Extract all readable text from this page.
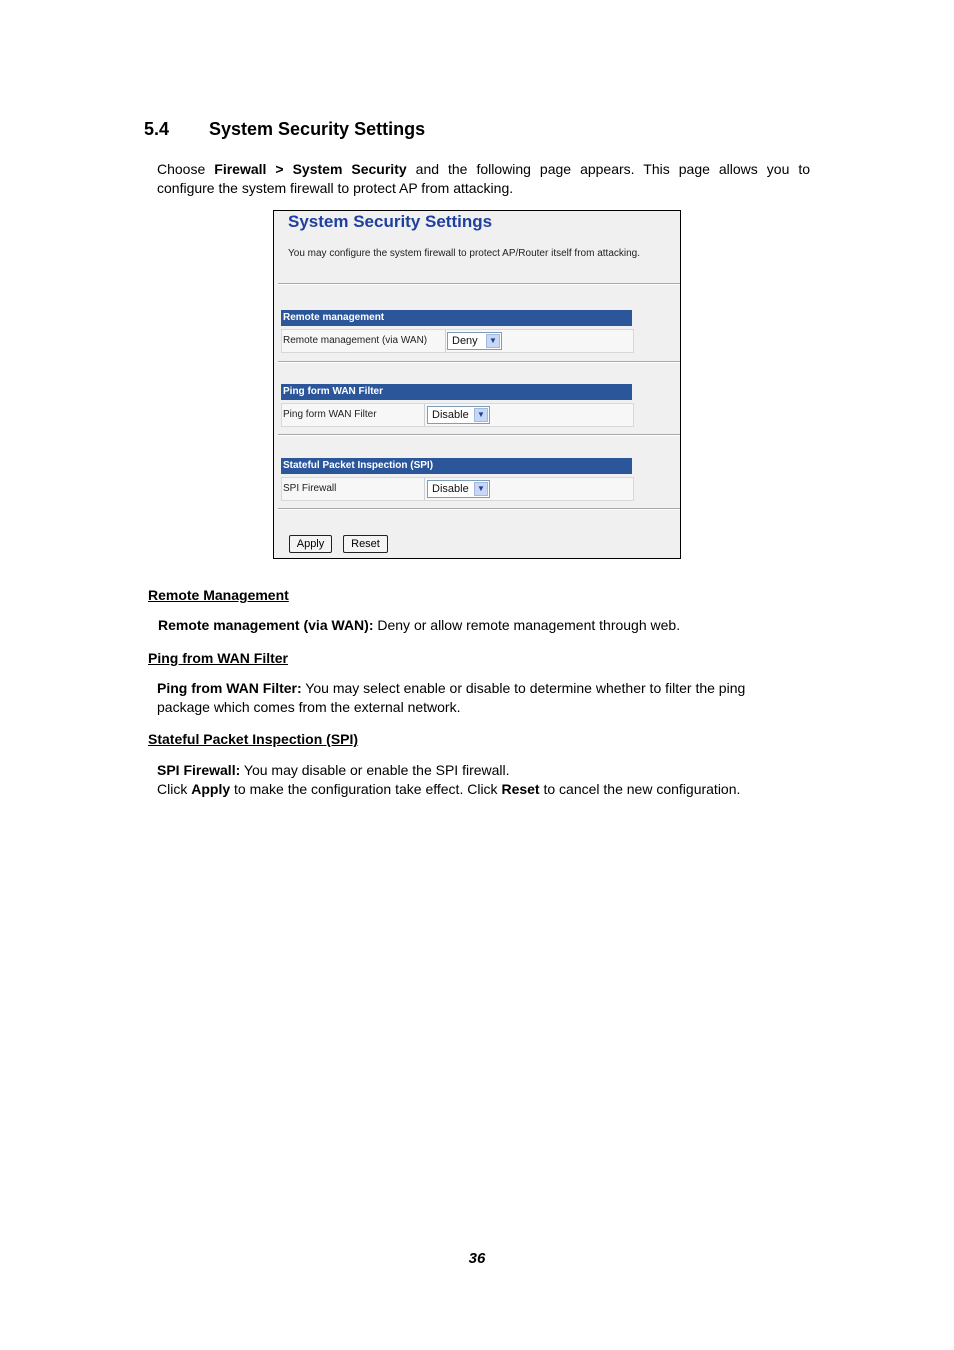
5.4 System Security Settings
Choose Firewall > System Security and the following page appears. This page allows you to
configure the system firewall to protect AP from attacking.
System Security Settings
You may configure the system firewall to protect AP/Router itself from attacking.
Remote management
Remote management (via WAN)	Deny	▼
Ping form WAN Filter
Ping form WAN Filter	Disable	▼
Stateful Packet Inspection (SPI)
SPI Firewall	Disable	▼
Apply	Reset
Remote Management
Remote management (via WAN): Deny or allow remote management through web.
Ping from WAN Filter
Ping from WAN Filter: You may select enable or disable to determine whether to filter the ping package which comes from the external network.
Stateful Packet Inspection (SPI)
SPI Firewall: You may disable or enable the SPI firewall.
Click Apply to make the configuration take effect. Click Reset to cancel the new configuration.
36
